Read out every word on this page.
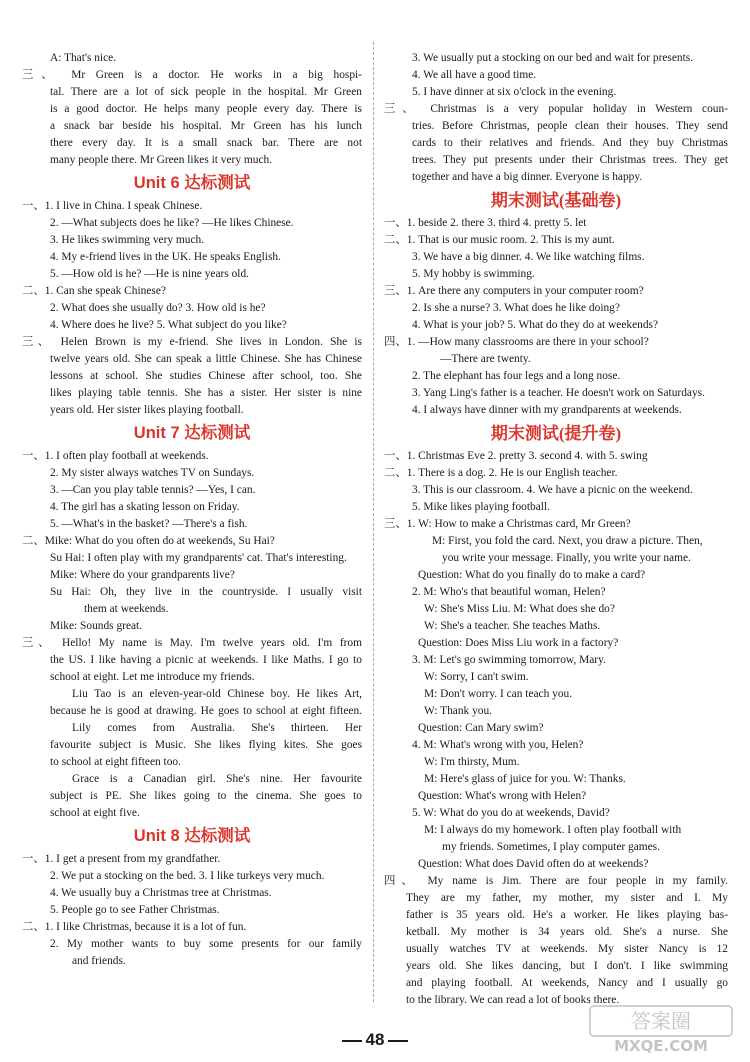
A: That's nice.
三、 Mr Green is a doctor. He works in a big hospi-
tal. There are a lot of sick people in the hospital. Mr Green
is a good doctor. He helps many people every day. There is
a snack bar beside his hospital. Mr Green has his lunch
there every day. It is a small snack bar. There are not
many people there. Mr Green likes it very much.
Unit 6 达标测试
一、1. I live in China. I speak Chinese.
2. —What subjects does he like? —He likes Chinese.
3. He likes swimming very much.
4. My e-friend lives in the UK. He speaks English.
5. —How old is he? —He is nine years old.
二、1. Can she speak Chinese?
2. What does she usually do? 3. How old is he?
4. Where does he live? 5. What subject do you like?
三、 Helen Brown is my e-friend. She lives in London. She is
twelve years old. She can speak a little Chinese. She has Chinese
lessons at school. She studies Chinese after school, too. She
likes playing table tennis. She has a sister. Her sister is nine
years old. Her sister likes playing football.
Unit 7 达标测试
一、1. I often play football at weekends.
2. My sister always watches TV on Sundays.
3. —Can you play table tennis? —Yes, I can.
4. The girl has a skating lesson on Friday.
5. —What's in the basket? —There's a fish.
二、Mike: What do you often do at weekends, Su Hai?
Su Hai: I often play with my grandparents' cat. That's interesting.
Mike: Where do your grandparents live?
Su Hai: Oh, they live in the countryside. I usually visit
them at weekends.
Mike: Sounds great.
三、 Hello! My name is May. I'm twelve years old. I'm from
the US. I like having a picnic at weekends. I like Maths. I go to
school at eight. Let me introduce my friends.
Liu Tao is an eleven-year-old Chinese boy. He likes Art,
because he is good at drawing. He goes to school at eight fifteen.
Lily comes from Australia. She's thirteen. Her
favourite subject is Music. She likes flying kites. She goes
to school at eight fifteen too.
Grace is a Canadian girl. She's nine. Her favourite
subject is PE. She likes going to the cinema. She goes to
school at eight five.
Unit 8 达标测试
一、1. I get a present from my grandfather.
2. We put a stocking on the bed. 3. I like turkeys very much.
4. We usually buy a Christmas tree at Christmas.
5. People go to see Father Christmas.
二、1. I like Christmas, because it is a lot of fun.
2. My mother wants to buy some presents for our family
and friends.
3. We usually put a stocking on our bed and wait for presents.
4. We all have a good time.
5. I have dinner at six o'clock in the evening.
三、 Christmas is a very popular holiday in Western coun-
tries. Before Christmas, people clean their houses. They send
cards to their relatives and friends. And they buy Christmas
trees. They put presents under their Christmas trees. They get
together and have a big dinner. Everyone is happy.
期末测试(基础卷)
一、1. beside 2. there 3. third 4. pretty 5. let
二、1. That is our music room. 2. This is my aunt.
3. We have a big dinner. 4. We like watching films.
5. My hobby is swimming.
三、1. Are there any computers in your computer room?
2. Is she a nurse? 3. What does he like doing?
4. What is your job? 5. What do they do at weekends?
四、1. —How many classrooms are there in your school?
—There are twenty.
2. The elephant has four legs and a long nose.
3. Yang Ling's father is a teacher. He doesn't work on Saturdays.
4. I always have dinner with my grandparents at weekends.
期末测试(提升卷)
一、1. Christmas Eve 2. pretty 3. second 4. with 5. swing
二、1. There is a dog. 2. He is our English teacher.
3. This is our classroom. 4. We have a picnic on the weekend.
5. Mike likes playing football.
三、1. W: How to make a Christmas card, Mr Green?
M: First, you fold the card. Next, you draw a picture. Then,
you write your message. Finally, you write your name.
Question: What do you finally do to make a card?
2. M: Who's that beautiful woman, Helen?
W: She's Miss Liu. M: What does she do?
W: She's a teacher. She teaches Maths.
Question: Does Miss Liu work in a factory?
3. M: Let's go swimming tomorrow, Mary.
W: Sorry, I can't swim.
M: Don't worry. I can teach you.
W: Thank you.
Question: Can Mary swim?
4. M: What's wrong with you, Helen?
W: I'm thirsty, Mum.
M: Here's glass of juice for you. W: Thanks.
Question: What's wrong with Helen?
5. W: What do you do at weekends, David?
M: I always do my homework. I often play football with
my friends. Sometimes, I play computer games.
Question: What does David often do at weekends?
四、 My name is Jim. There are four people in my family.
They are my father, my mother, my sister and I. My
father is 35 years old. He's a worker. He likes playing bas-
ketball. My mother is 34 years old. She's a nurse. She
usually watches TV at weekends. My sister Nancy is 12
years old. She likes dancing, but I don't. I like swimming
and playing football. At weekends, Nancy and I usually go
to the library. We can read a lot of books there.
48
答案圈
MXQE.COM
